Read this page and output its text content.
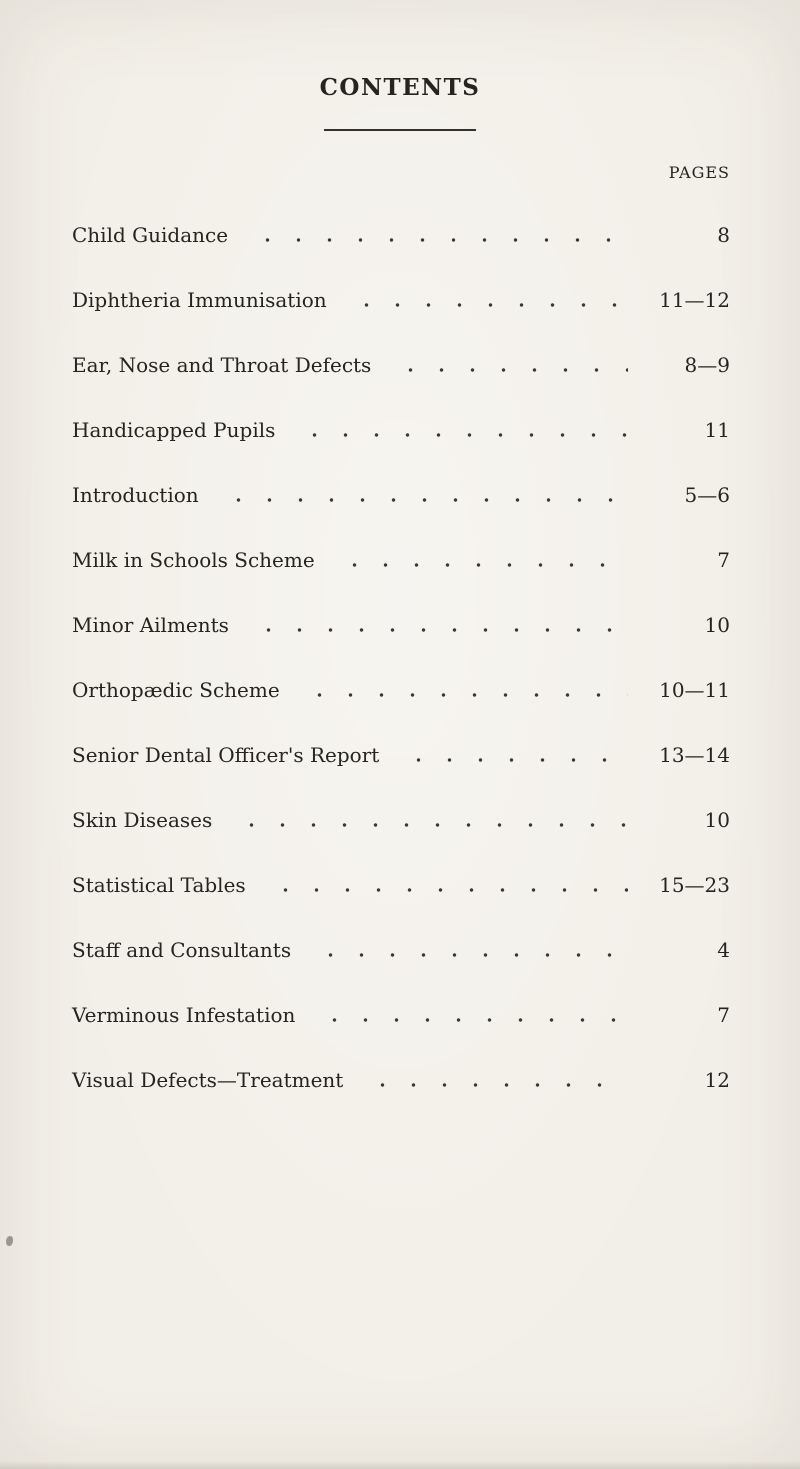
CONTENTS
PAGES
Child Guidance	8
Diphtheria Immunisation	11—12
Ear, Nose and Throat Defects	8—9
Handicapped Pupils	11
Introduction	5—6
Milk in Schools Scheme	7
Minor Ailments	10
Orthopædic Scheme	10—11
Senior Dental Officer's Report	13—14
Skin Diseases	10
Statistical Tables	15—23
Staff and Consultants	4
Verminous Infestation	7
Visual Defects—Treatment	12
